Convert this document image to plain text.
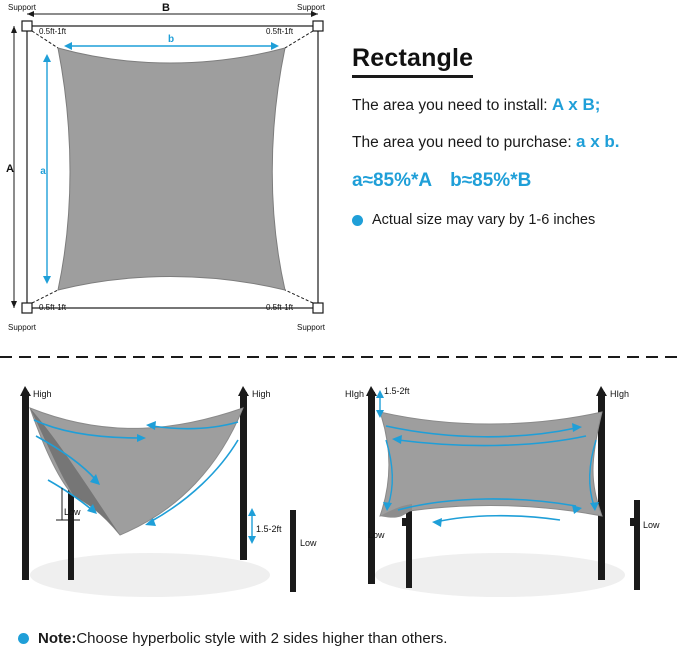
B
A
b
a
Support	Support
Support	Support
0.5ft-1ft	0.5ft-1ft
0.5ft-1ft	0.5ft-1ft
Rectangle
The area you need to install: A x B;
The area you need to purchase: a x b.
a≈85%*A b≈85%*B
Actual size may vary by 1-6 inches
1.5-2ft
High	High
Low
Low
1.5-2ft
HIgh	HIgh
Low
Low
Note: Choose hyperbolic style with 2 sides higher than others.
